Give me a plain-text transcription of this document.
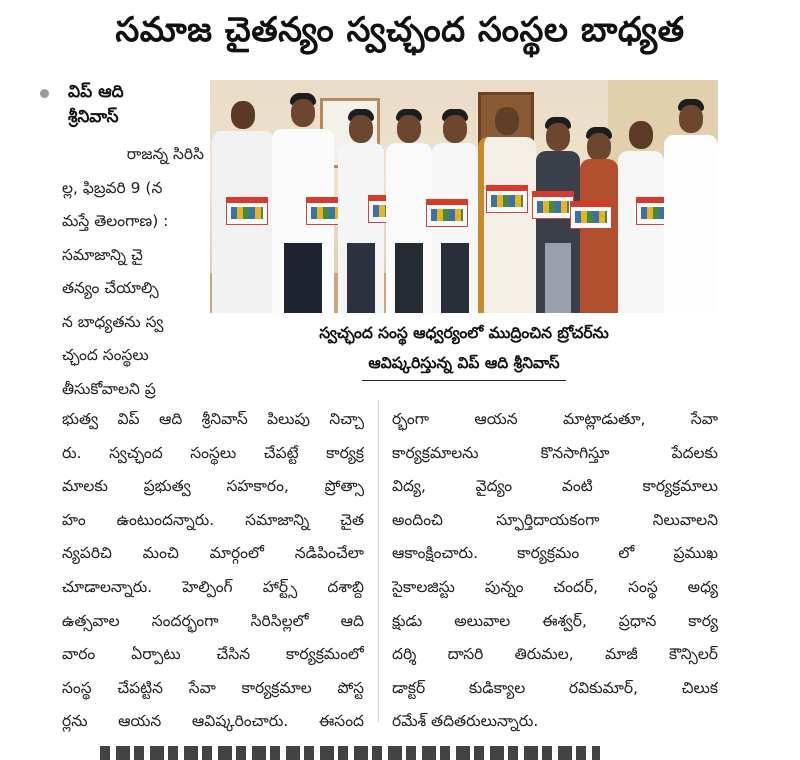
సమాజ చైతన్యం స్వచ్ఛంద సంస్థల బాధ్యత
విప్ ఆది
శ్రీనివాస్
రాజన్న సిరిసి
ల్ల, ఫిబ్రవరి 9 (న
మస్తే తెలంగాణ) :
సమాజాన్ని చై
తన్యం చేయాల్సి
న బాధ్యతను స్వ
చ్ఛంద సంస్థలు
తీసుకోవాలని ప్ర
స్వచ్ఛంద సంస్థ ఆధ్వర్యంలో ముద్రించిన బ్రోచర్‌ను
ఆవిష్కరిస్తున్న విప్ ఆది శ్రీనివాస్
భుత్వ విప్ ఆది శ్రీనివాస్ పిలుపు నిచ్చా
రు. స్వచ్ఛంద సంస్థలు చేపట్టే కార్యక్ర
మాలకు ప్రభుత్వ సహకారం, ప్రోత్సా
హం ఉంటుందన్నారు. సమాజాన్ని చైత
న్యపరిచి మంచి మార్గంలో నడిపించేలా
చూడాలన్నారు. హెల్పింగ్ హార్ట్స్ దశాబ్ది
ఉత్సవాల సందర్భంగా సిరిసిల్లలో ఆది
వారం ఏర్పాటు చేసిన కార్యక్రమంలో
సంస్థ చేపట్టిన సేవా కార్యక్రమాల పోస్ట
ర్లను ఆయన ఆవిష్కరించారు. ఈసంద
ర్భంగా ఆయన మాట్లాడుతూ, సేవా
కార్యక్రమాలను కొనసాగిస్తూ పేదలకు
విద్య, వైద్యం వంటి కార్యక్రమాలు
అందించి స్ఫూర్తిదాయకంగా నిలువాలని
ఆకాంక్షించారు. కార్యక్రమం లో ప్రముఖ
సైకాలజిస్టు పున్నం చందర్, సంస్థ అధ్య
క్షుడు అలువాల ఈశ్వర్, ప్రధాన కార్య
దర్శి దాసరి తిరుమల, మాజీ కౌన్సిలర్
డాక్టర్ కుడిక్యాల రవికుమార్, చిలుక
రమేశ్ తదితరులున్నారు.
